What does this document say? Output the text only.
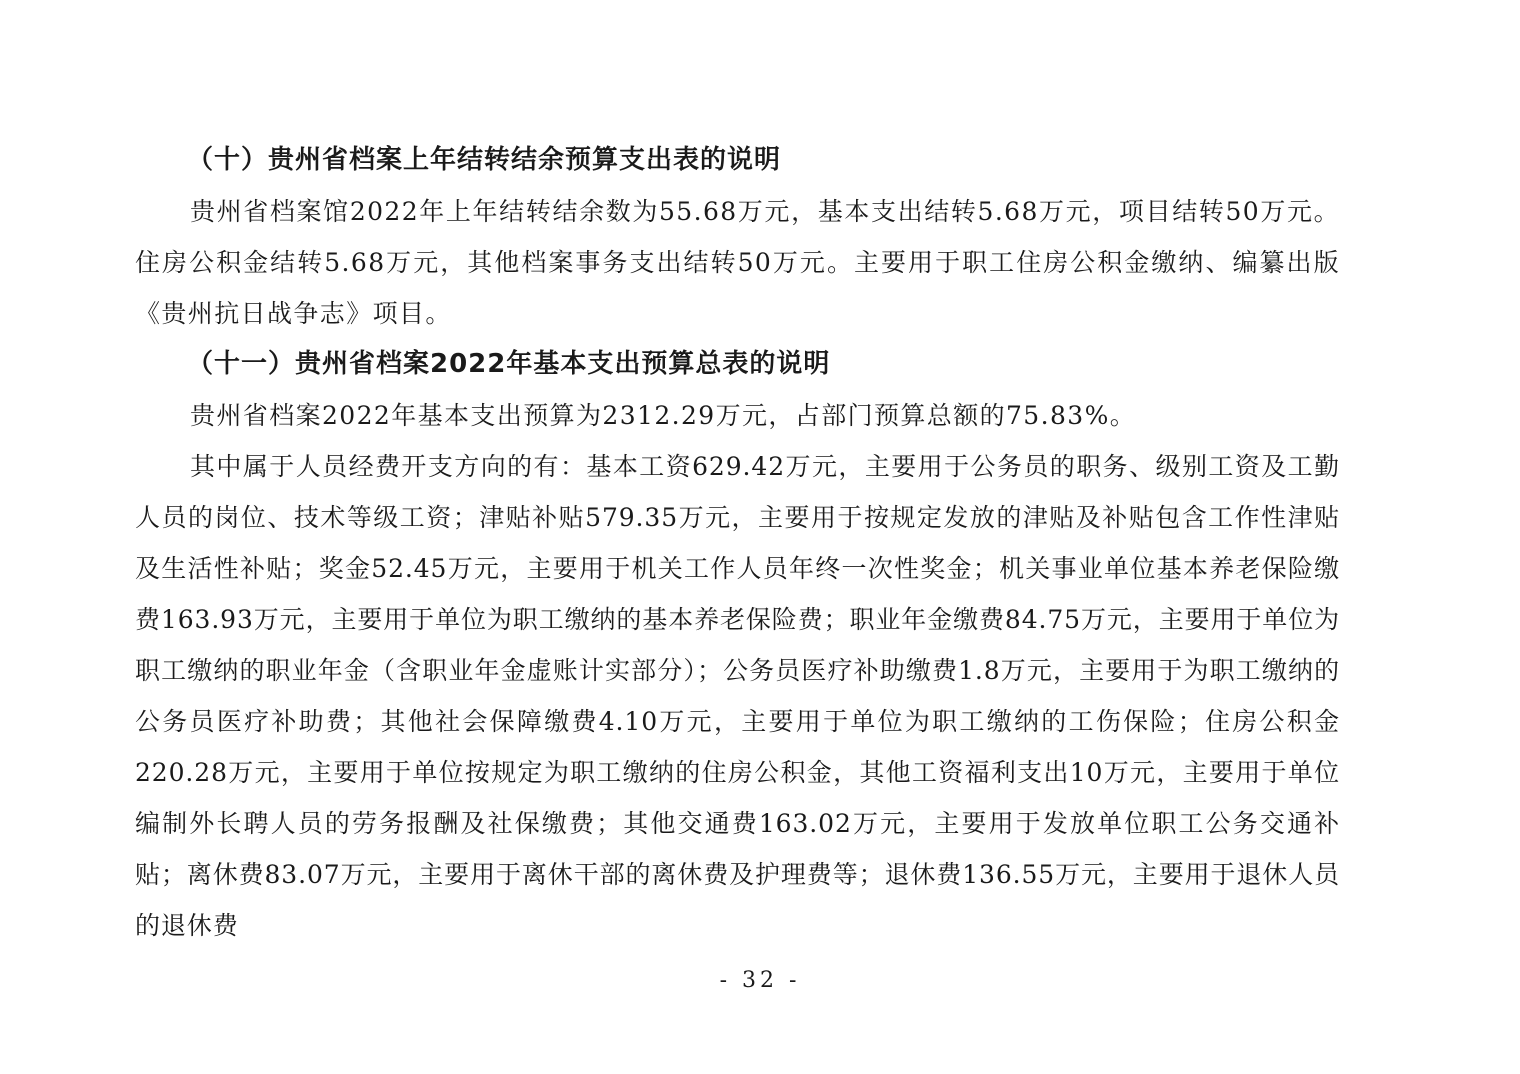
（十）贵州省档案上年结转结余预算支出表的说明

贵州省档案馆2022年上年结转结余数为55.68万元，基本支出结转5.68万元，项目结转50万元。住房公积金结转5.68万元，其他档案事务支出结转50万元。主要用于职工住房公积金缴纳、编纂出版《贵州抗日战争志》项目。

（十一）贵州省档案2022年基本支出预算总表的说明

贵州省档案2022年基本支出预算为2312.29万元，占部门预算总额的75.83%。

其中属于人员经费开支方向的有：基本工资629.42万元，主要用于公务员的职务、级别工资及工勤人员的岗位、技术等级工资；津贴补贴579.35万元，主要用于按规定发放的津贴及补贴包含工作性津贴及生活性补贴；奖金52.45万元，主要用于机关工作人员年终一次性奖金；机关事业单位基本养老保险缴费163.93万元，主要用于单位为职工缴纳的基本养老保险费；职业年金缴费84.75万元，主要用于单位为职工缴纳的职业年金（含职业年金虚账计实部分）；公务员医疗补助缴费1.8万元，主要用于为职工缴纳的公务员医疗补助费；其他社会保障缴费4.10万元，主要用于单位为职工缴纳的工伤保险；住房公积金220.28万元，主要用于单位按规定为职工缴纳的住房公积金，其他工资福利支出10万元，主要用于单位编制外长聘人员的劳务报酬及社保缴费；其他交通费163.02万元，主要用于发放单位职工公务交通补贴；离休费83.07万元，主要用于离休干部的离休费及护理费等；退休费136.55万元，主要用于退休人员的退休费

- 32 -
